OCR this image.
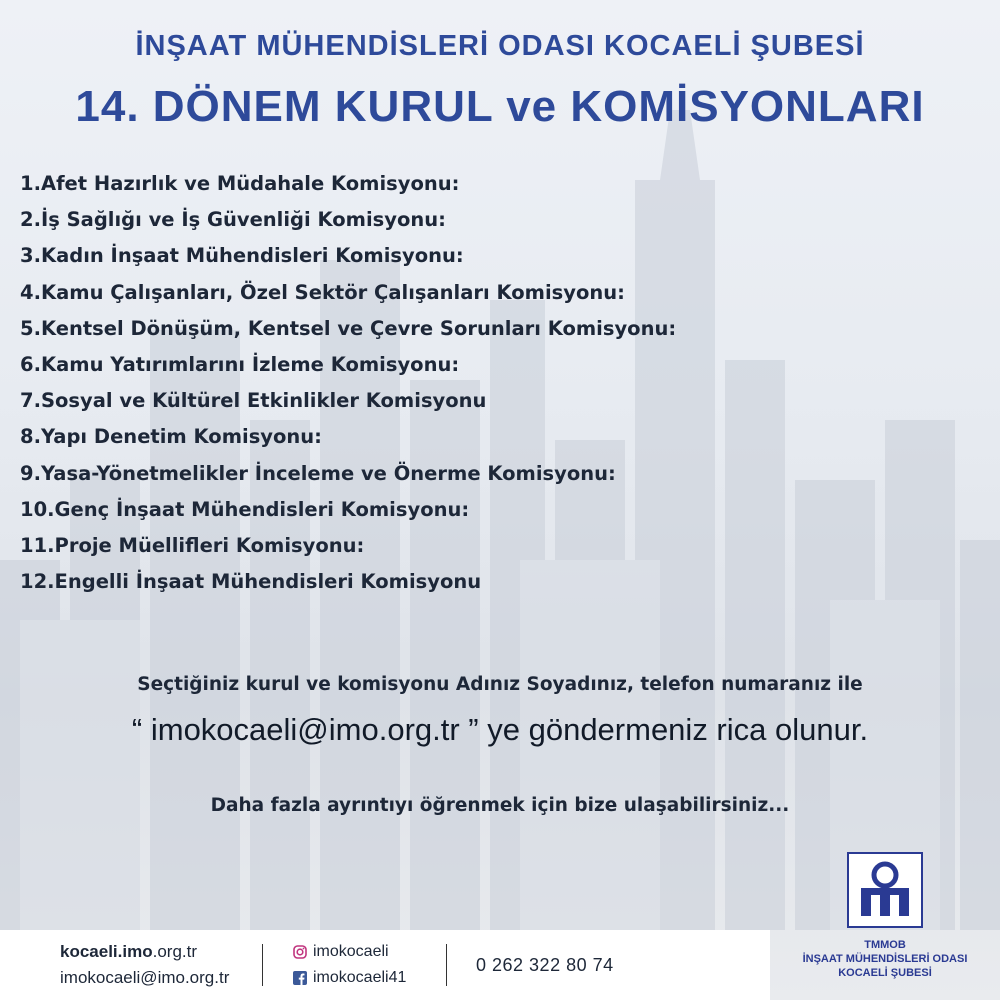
İNŞAAT MÜHENDİSLERİ ODASI KOCAELİ ŞUBESİ
14. DÖNEM KURUL ve KOMİSYONLARI
1.Afet Hazırlık ve Müdahale Komisyonu:
2.İş Sağlığı ve İş Güvenliği Komisyonu:
3.Kadın İnşaat Mühendisleri Komisyonu:
4.Kamu Çalışanları, Özel Sektör Çalışanları Komisyonu:
5.Kentsel Dönüşüm, Kentsel ve Çevre Sorunları Komisyonu:
6.Kamu Yatırımlarını İzleme Komisyonu:
7.Sosyal ve Kültürel Etkinlikler Komisyonu
8.Yapı Denetim Komisyonu:
9.Yasa-Yönetmelikler İnceleme ve Önerme Komisyonu:
10.Genç İnşaat Mühendisleri Komisyonu:
11.Proje Müellifleri Komisyonu:
12.Engelli İnşaat Mühendisleri Komisyonu
Seçtiğiniz kurul ve komisyonu Adınız Soyadınız, telefon numaranız ile
“ imokocaeli@imo.org.tr ” ye göndermeniz rica olunur.
Daha fazla ayrıntıyı öğrenmek için bize ulaşabilirsiniz...
TMMOB
İNŞAAT MÜHENDİSLERİ ODASI
KOCAELİ ŞUBESİ
kocaeli.imo.org.tr
imokocaeli@imo.org.tr
imokocaeli
imokocaeli41
0 262 322 80 74
